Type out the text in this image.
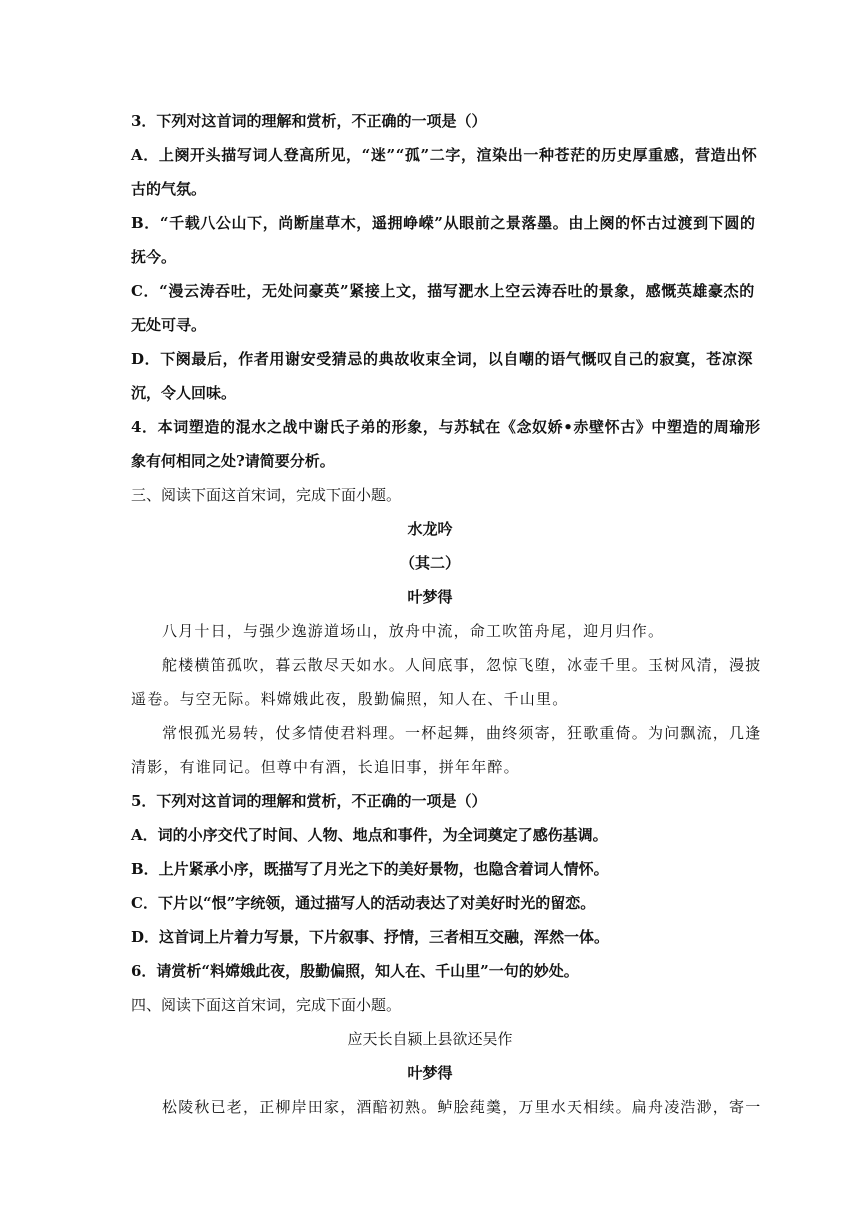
3．下列对这首词的理解和赏析，不正确的一项是（）
A．上阕开头描写词人登高所见，“迷”“孤”二字，渲染出一种苍茫的历史厚重感，营造出怀
古的气氛。
B．“千载八公山下，尚断崖草木，遥拥峥嵘”从眼前之景落墨。由上阕的怀古过渡到下圆的
抚今。
C．“漫云涛吞吐，无处问豪英”紧接上文，描写淝水上空云涛吞吐的景象，感慨英雄豪杰的
无处可寻。
D．下阕最后，作者用谢安受猜忌的典故收束全词，以自嘲的语气慨叹自己的寂寞，苍凉深
沉，令人回味。
4．本词塑造的混水之战中谢氏子弟的形象，与苏轼在《念奴娇•赤壁怀古》中塑造的周瑜形
象有何相同之处?请简要分析。
三、阅读下面这首宋词，完成下面小题。
水龙吟
（其二）
叶梦得
八月十日，与强少逸游道场山，放舟中流，命工吹笛舟尾，迎月归作。
舵楼横笛孤吹，暮云散尽天如水。人间底事，忽惊飞堕，冰壶千里。玉树风清，漫披
遥卷。与空无际。料嫦娥此夜，殷勤偏照，知人在、千山里。
常恨孤光易转，仗多情使君料理。一杯起舞，曲终须寄，狂歌重倚。为问飘流，几逢
清影，有谁同记。但尊中有酒，长追旧事，拼年年醉。
5．下列对这首词的理解和赏析，不正确的一项是（）
A．词的小序交代了时间、人物、地点和事件，为全词奠定了感伤基调。
B．上片紧承小序，既描写了月光之下的美好景物，也隐含着词人情怀。
C．下片以“恨”字统领，通过描写人的活动表达了对美好时光的留恋。
D．这首词上片着力写景，下片叙事、抒情，三者相互交融，浑然一体。
6．请赏析“料嫦娥此夜，殷勤偏照，知人在、千山里”一句的妙处。
四、阅读下面这首宋词，完成下面小题。
应天长自颍上县欲还吴作
叶梦得
松陵秋已老，正柳岸田家，酒醅初熟。鲈脍莼羹，万里水天相续。扁舟凌浩渺，寄一
